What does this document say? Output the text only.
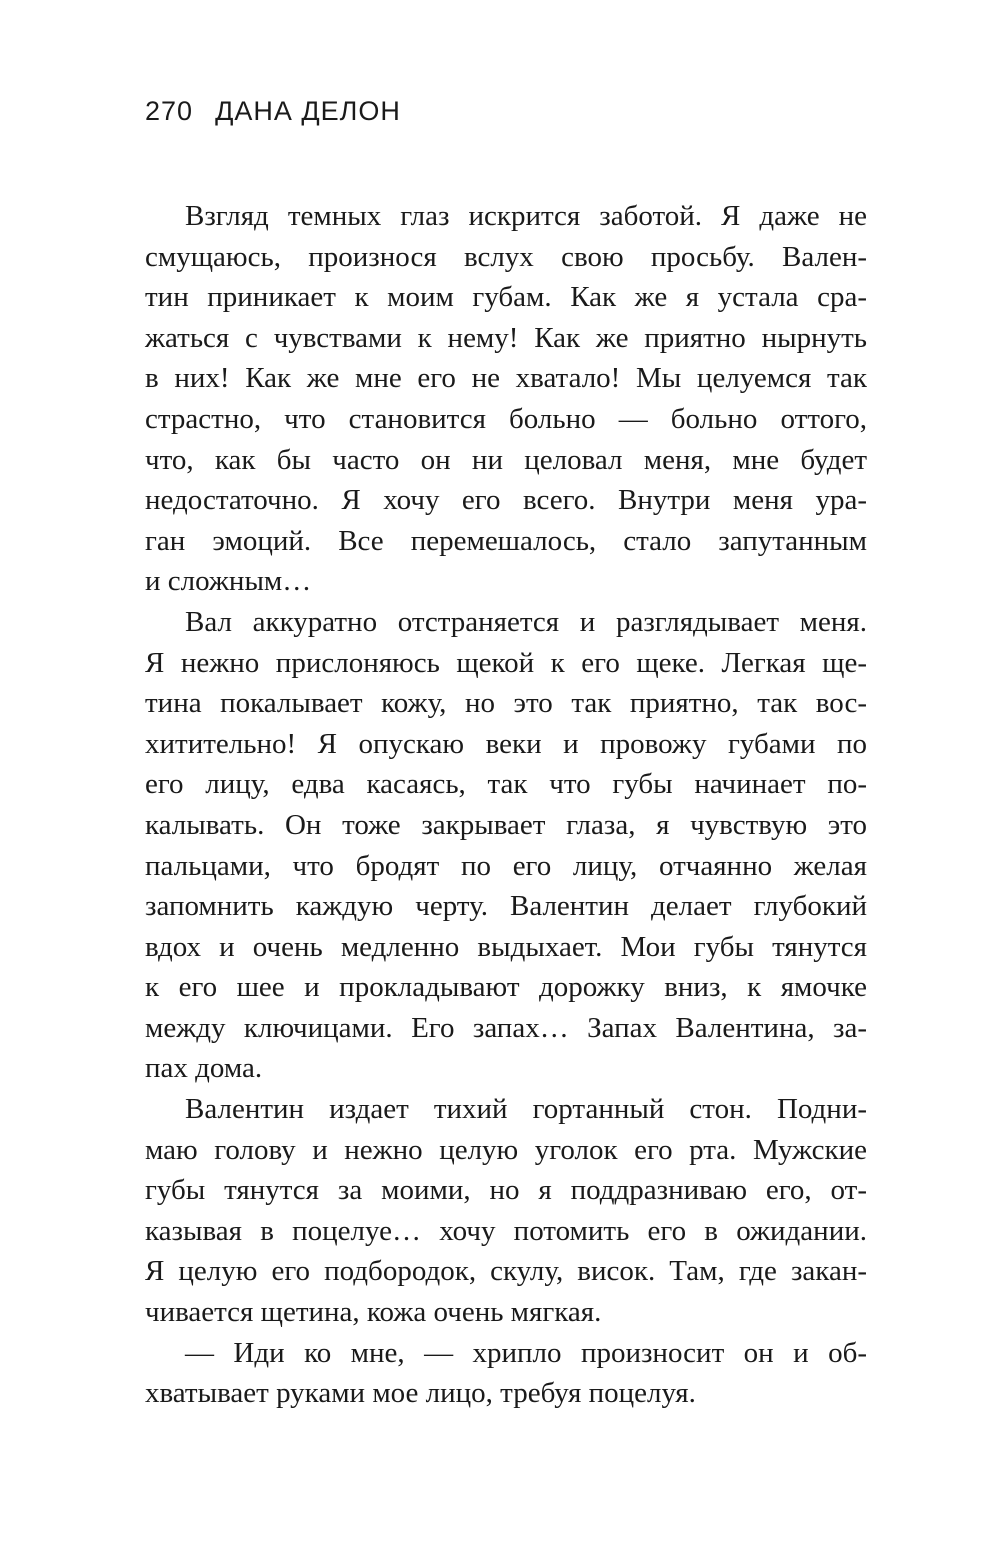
270 ДАНА ДЕЛОН
Взгляд темных глаз искрится заботой. Я даже не
смущаюсь, произнося вслух свою просьбу. Вален-
тин приникает к моим губам. Как же я устала сра-
жаться с чувствами к нему! Как же приятно нырнуть
в них! Как же мне его не хватало! Мы целуемся так
страстно, что становится больно — больно оттого,
что, как бы часто он ни целовал меня, мне будет
недостаточно. Я хочу его всего. Внутри меня ура-
ган эмоций. Все перемешалось, стало запутанным
и сложным…
Вал аккуратно отстраняется и разглядывает меня.
Я нежно прислоняюсь щекой к его щеке. Легкая ще-
тина покалывает кожу, но это так приятно, так вос-
хитительно! Я опускаю веки и провожу губами по
его лицу, едва касаясь, так что губы начинает по-
калывать. Он тоже закрывает глаза, я чувствую это
пальцами, что бродят по его лицу, отчаянно желая
запомнить каждую черту. Валентин делает глубокий
вдох и очень медленно выдыхает. Мои губы тянутся
к его шее и прокладывают дорожку вниз, к ямочке
между ключицами. Его запах… Запах Валентина, за-
пах дома.
Валентин издает тихий гортанный стон. Подни-
маю голову и нежно целую уголок его рта. Мужские
губы тянутся за моими, но я поддразниваю его, от-
казывая в поцелуе… хочу потомить его в ожидании.
Я целую его подбородок, скулу, висок. Там, где закан-
чивается щетина, кожа очень мягкая.
— Иди ко мне, — хрипло произносит он и об-
хватывает руками мое лицо, требуя поцелуя.
